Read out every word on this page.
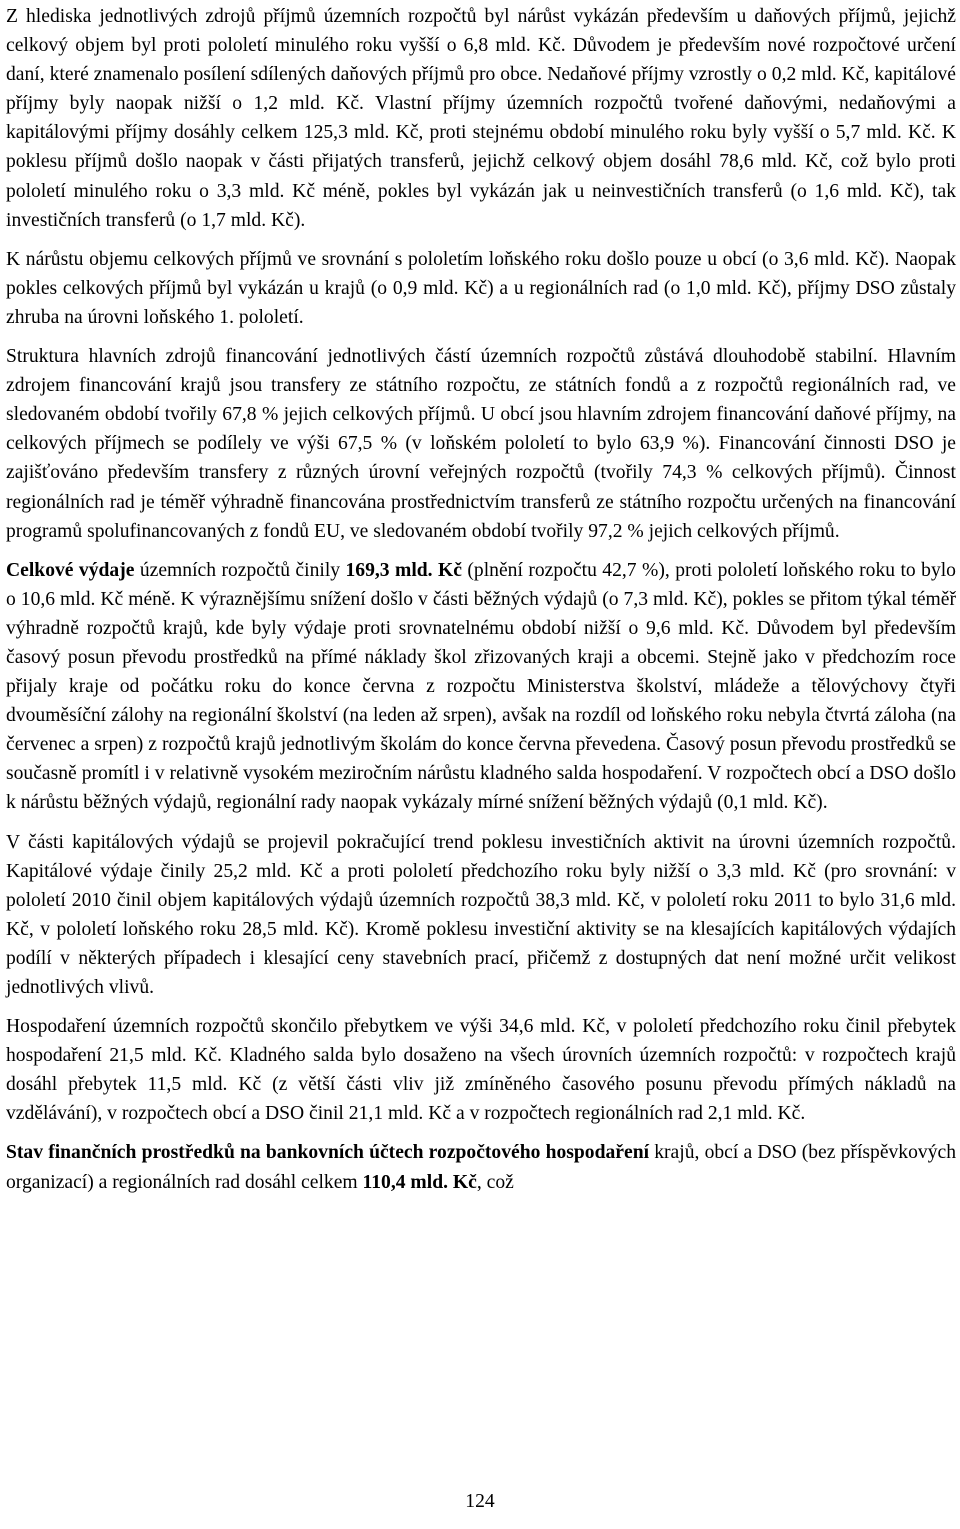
Z hlediska jednotlivých zdrojů příjmů územních rozpočtů byl nárůst vykázán především u daňových příjmů, jejichž celkový objem byl proti pololetí minulého roku vyšší o 6,8 mld. Kč. Důvodem je především nové rozpočtové určení daní, které znamenalo posílení sdílených daňových příjmů pro obce. Nedaňové příjmy vzrostly o 0,2 mld. Kč, kapitálové příjmy byly naopak nižší o 1,2 mld. Kč. Vlastní příjmy územních rozpočtů tvořené daňovými, nedaňovými a kapitálovými příjmy dosáhly celkem 125,3 mld. Kč, proti stejnému období minulého roku byly vyšší o 5,7 mld. Kč. K poklesu příjmů došlo naopak v části přijatých transferů, jejichž celkový objem dosáhl 78,6 mld. Kč, což bylo proti pololetí minulého roku o 3,3 mld. Kč méně, pokles byl vykázán jak u neinvestičních transferů (o 1,6 mld. Kč), tak investičních transferů (o 1,7 mld. Kč).

K nárůstu objemu celkových příjmů ve srovnání s pololetím loňského roku došlo pouze u obcí (o 3,6 mld. Kč). Naopak pokles celkových příjmů byl vykázán u krajů (o 0,9 mld. Kč) a u regionálních rad (o 1,0 mld. Kč), příjmy DSO zůstaly zhruba na úrovni loňského 1. pololetí.

Struktura hlavních zdrojů financování jednotlivých částí územních rozpočtů zůstává dlouhodobě stabilní. Hlavním zdrojem financování krajů jsou transfery ze státního rozpočtu, ze státních fondů a z rozpočtů regionálních rad, ve sledovaném období tvořily 67,8 % jejich celkových příjmů. U obcí jsou hlavním zdrojem financování daňové příjmy, na celkových příjmech se podílely ve výši 67,5 % (v loňském pololetí to bylo 63,9 %). Financování činnosti DSO je zajišťováno především transfery z různých úrovní veřejných rozpočtů (tvořily 74,3 % celkových příjmů). Činnost regionálních rad je téměř výhradně financována prostřednictvím transferů ze státního rozpočtu určených na financování programů spolufinancovaných z fondů EU, ve sledovaném období tvořily 97,2 % jejich celkových příjmů.

Celkové výdaje územních rozpočtů činily 169,3 mld. Kč (plnění rozpočtu 42,7 %), proti pololetí loňského roku to bylo o 10,6 mld. Kč méně. K výraznějšímu snížení došlo v části běžných výdajů (o 7,3 mld. Kč), pokles se přitom týkal téměř výhradně rozpočtů krajů, kde byly výdaje proti srovnatelnému období nižší o 9,6 mld. Kč. Důvodem byl především časový posun převodu prostředků na přímé náklady škol zřizovaných kraji a obcemi. Stejně jako v předchozím roce přijaly kraje od počátku roku do konce června z rozpočtu Ministerstva školství, mládeže a tělovýchovy čtyři dvouměsíční zálohy na regionální školství (na leden až srpen), avšak na rozdíl od loňského roku nebyla čtvrtá záloha (na červenec a srpen) z rozpočtů krajů jednotlivým školám do konce června převedena. Časový posun převodu prostředků se současně promítl i v relativně vysokém meziročním nárůstu kladného salda hospodaření. V rozpočtech obcí a DSO došlo k nárůstu běžných výdajů, regionální rady naopak vykázaly mírné snížení běžných výdajů (0,1 mld. Kč).

V části kapitálových výdajů se projevil pokračující trend poklesu investičních aktivit na úrovni územních rozpočtů. Kapitálové výdaje činily 25,2 mld. Kč a proti pololetí předchozího roku byly nižší o 3,3 mld. Kč (pro srovnání: v pololetí 2010 činil objem kapitálových výdajů územních rozpočtů 38,3 mld. Kč, v pololetí roku 2011 to bylo 31,6 mld. Kč, v pololetí loňského roku 28,5 mld. Kč). Kromě poklesu investiční aktivity se na klesajících kapitálových výdajích podílí v některých případech i klesající ceny stavebních prací, přičemž z dostupných dat není možné určit velikost jednotlivých vlivů.

Hospodaření územních rozpočtů skončilo přebytkem ve výši 34,6 mld. Kč, v pololetí předchozího roku činil přebytek hospodaření 21,5 mld. Kč. Kladného salda bylo dosaženo na všech úrovních územních rozpočtů: v rozpočtech krajů dosáhl přebytek 11,5 mld. Kč (z větší části vliv již zmíněného časového posunu převodu přímých nákladů na vzdělávání), v rozpočtech obcí a DSO činil 21,1 mld. Kč a v rozpočtech regionálních rad 2,1 mld. Kč.

Stav finančních prostředků na bankovních účtech rozpočtového hospodaření krajů, obcí a DSO (bez příspěvkových organizací) a regionálních rad dosáhl celkem 110,4 mld. Kč, což

124
